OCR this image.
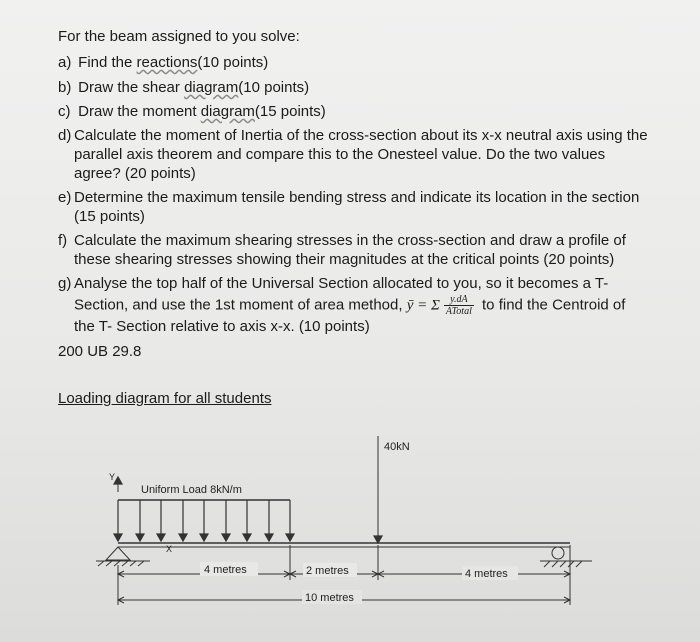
For the beam assigned to you solve:
a) Find the reactions(10 points)
b) Draw the shear diagram(10 points)
c) Draw the moment diagram(15 points)
d) Calculate the moment of Inertia of the cross-section about its x-x neutral axis using the
parallel axis theorem and compare this to the Onesteel value. Do the two values
agree? (20 points)
e) Determine the maximum tensile bending stress and indicate its location in the section
(15 points)
f) Calculate the maximum shearing stresses in the cross-section and draw a profile of
these shearing stresses showing their magnitudes at the critical points (20 points)
g) Analyse the top half of the Universal Section allocated to you, so it becomes a T-
Section, and use the 1st moment of area method, ȳ = Σ $\frac{y.dA}{\text{ATotal}}$ to find the Centroid of
the T- Section relative to axis x-x. (10 points)
200 UB 29.8
Loading diagram for all students
40kN
Uniform Load 8kN/m
Y
X
4 metres	2 metres	4 metres
10 metres
